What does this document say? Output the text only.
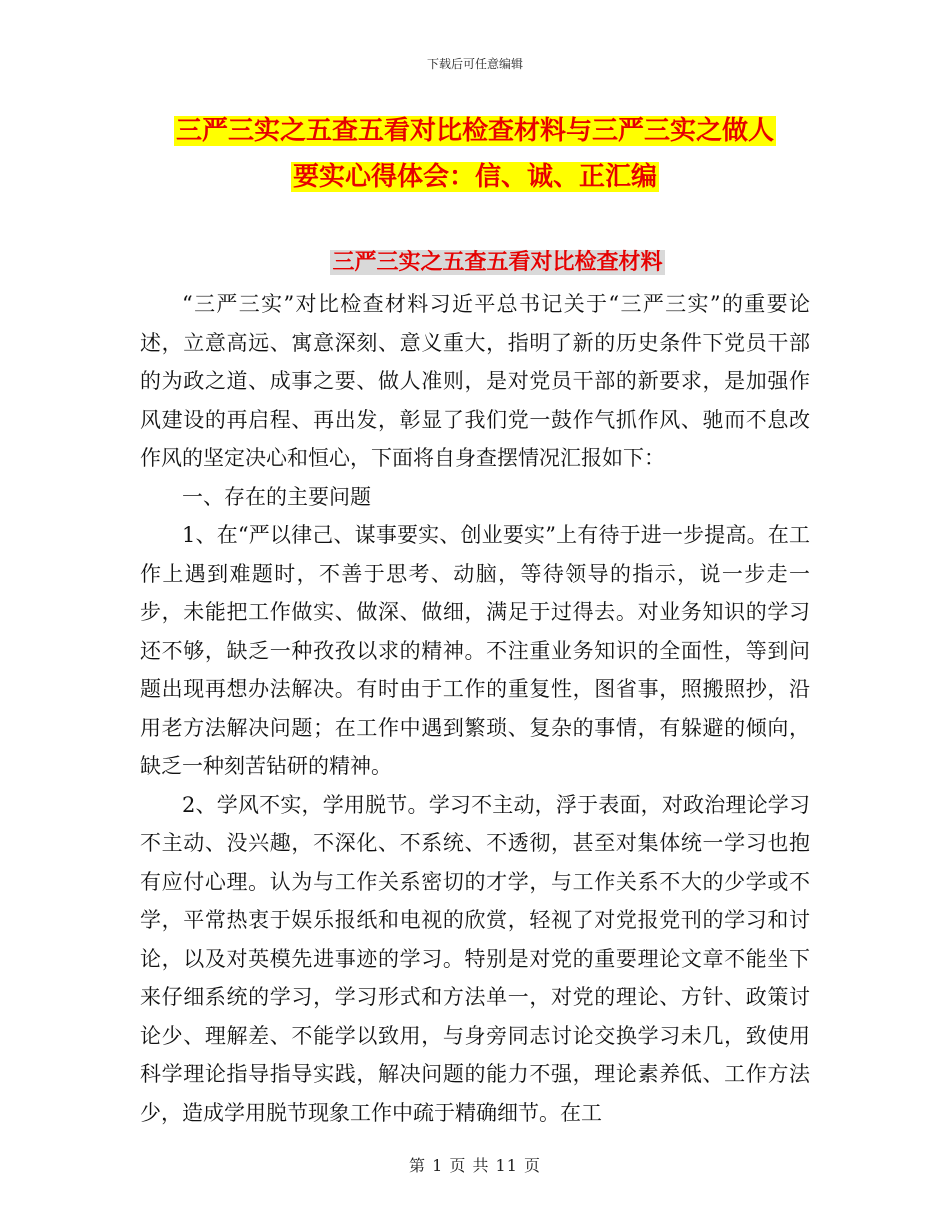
下载后可任意编辑
三严三实之五查五看对比检查材料与三严三实之做人
要实心得体会：信、诚、正汇编
三严三实之五查五看对比检查材料

“三严三实”对比检查材料习近平总书记关于“三严三实”的重要论述，立意高远、寓意深刻、意义重大，指明了新的历史条件下党员干部的为政之道、成事之要、做人准则，是对党员干部的新要求，是加强作风建设的再启程、再出发，彰显了我们党一鼓作气抓作风、驰而不息改作风的坚定决心和恒心，下面将自身查摆情况汇报如下：

一、存在的主要问题

1、在“严以律己、谋事要实、创业要实”上有待于进一步提高。在工作上遇到难题时，不善于思考、动脑，等待领导的指示，说一步走一步，未能把工作做实、做深、做细，满足于过得去。对业务知识的学习还不够，缺乏一种孜孜以求的精神。不注重业务知识的全面性，等到问题出现再想办法解决。有时由于工作的重复性，图省事，照搬照抄，沿用老方法解决问题；在工作中遇到繁琐、复杂的事情，有躲避的倾向，缺乏一种刻苦钻研的精神。

2、学风不实，学用脱节。学习不主动，浮于表面，对政治理论学习不主动、没兴趣，不深化、不系统、不透彻，甚至对集体统一学习也抱有应付心理。认为与工作关系密切的才学，与工作关系不大的少学或不学，平常热衷于娱乐报纸和电视的欣赏，轻视了对党报党刊的学习和讨论，以及对英模先进事迹的学习。特别是对党的重要理论文章不能坐下来仔细系统的学习，学习形式和方法单一，对党的理论、方针、政策讨论少、理解差、不能学以致用，与身旁同志讨论交换学习未几，致使用科学理论指导指导实践，解决问题的能力不强，理论素养低、工作方法少，造成学用脱节现象工作中疏于精确细节。在工

第 1 页 共 11 页
